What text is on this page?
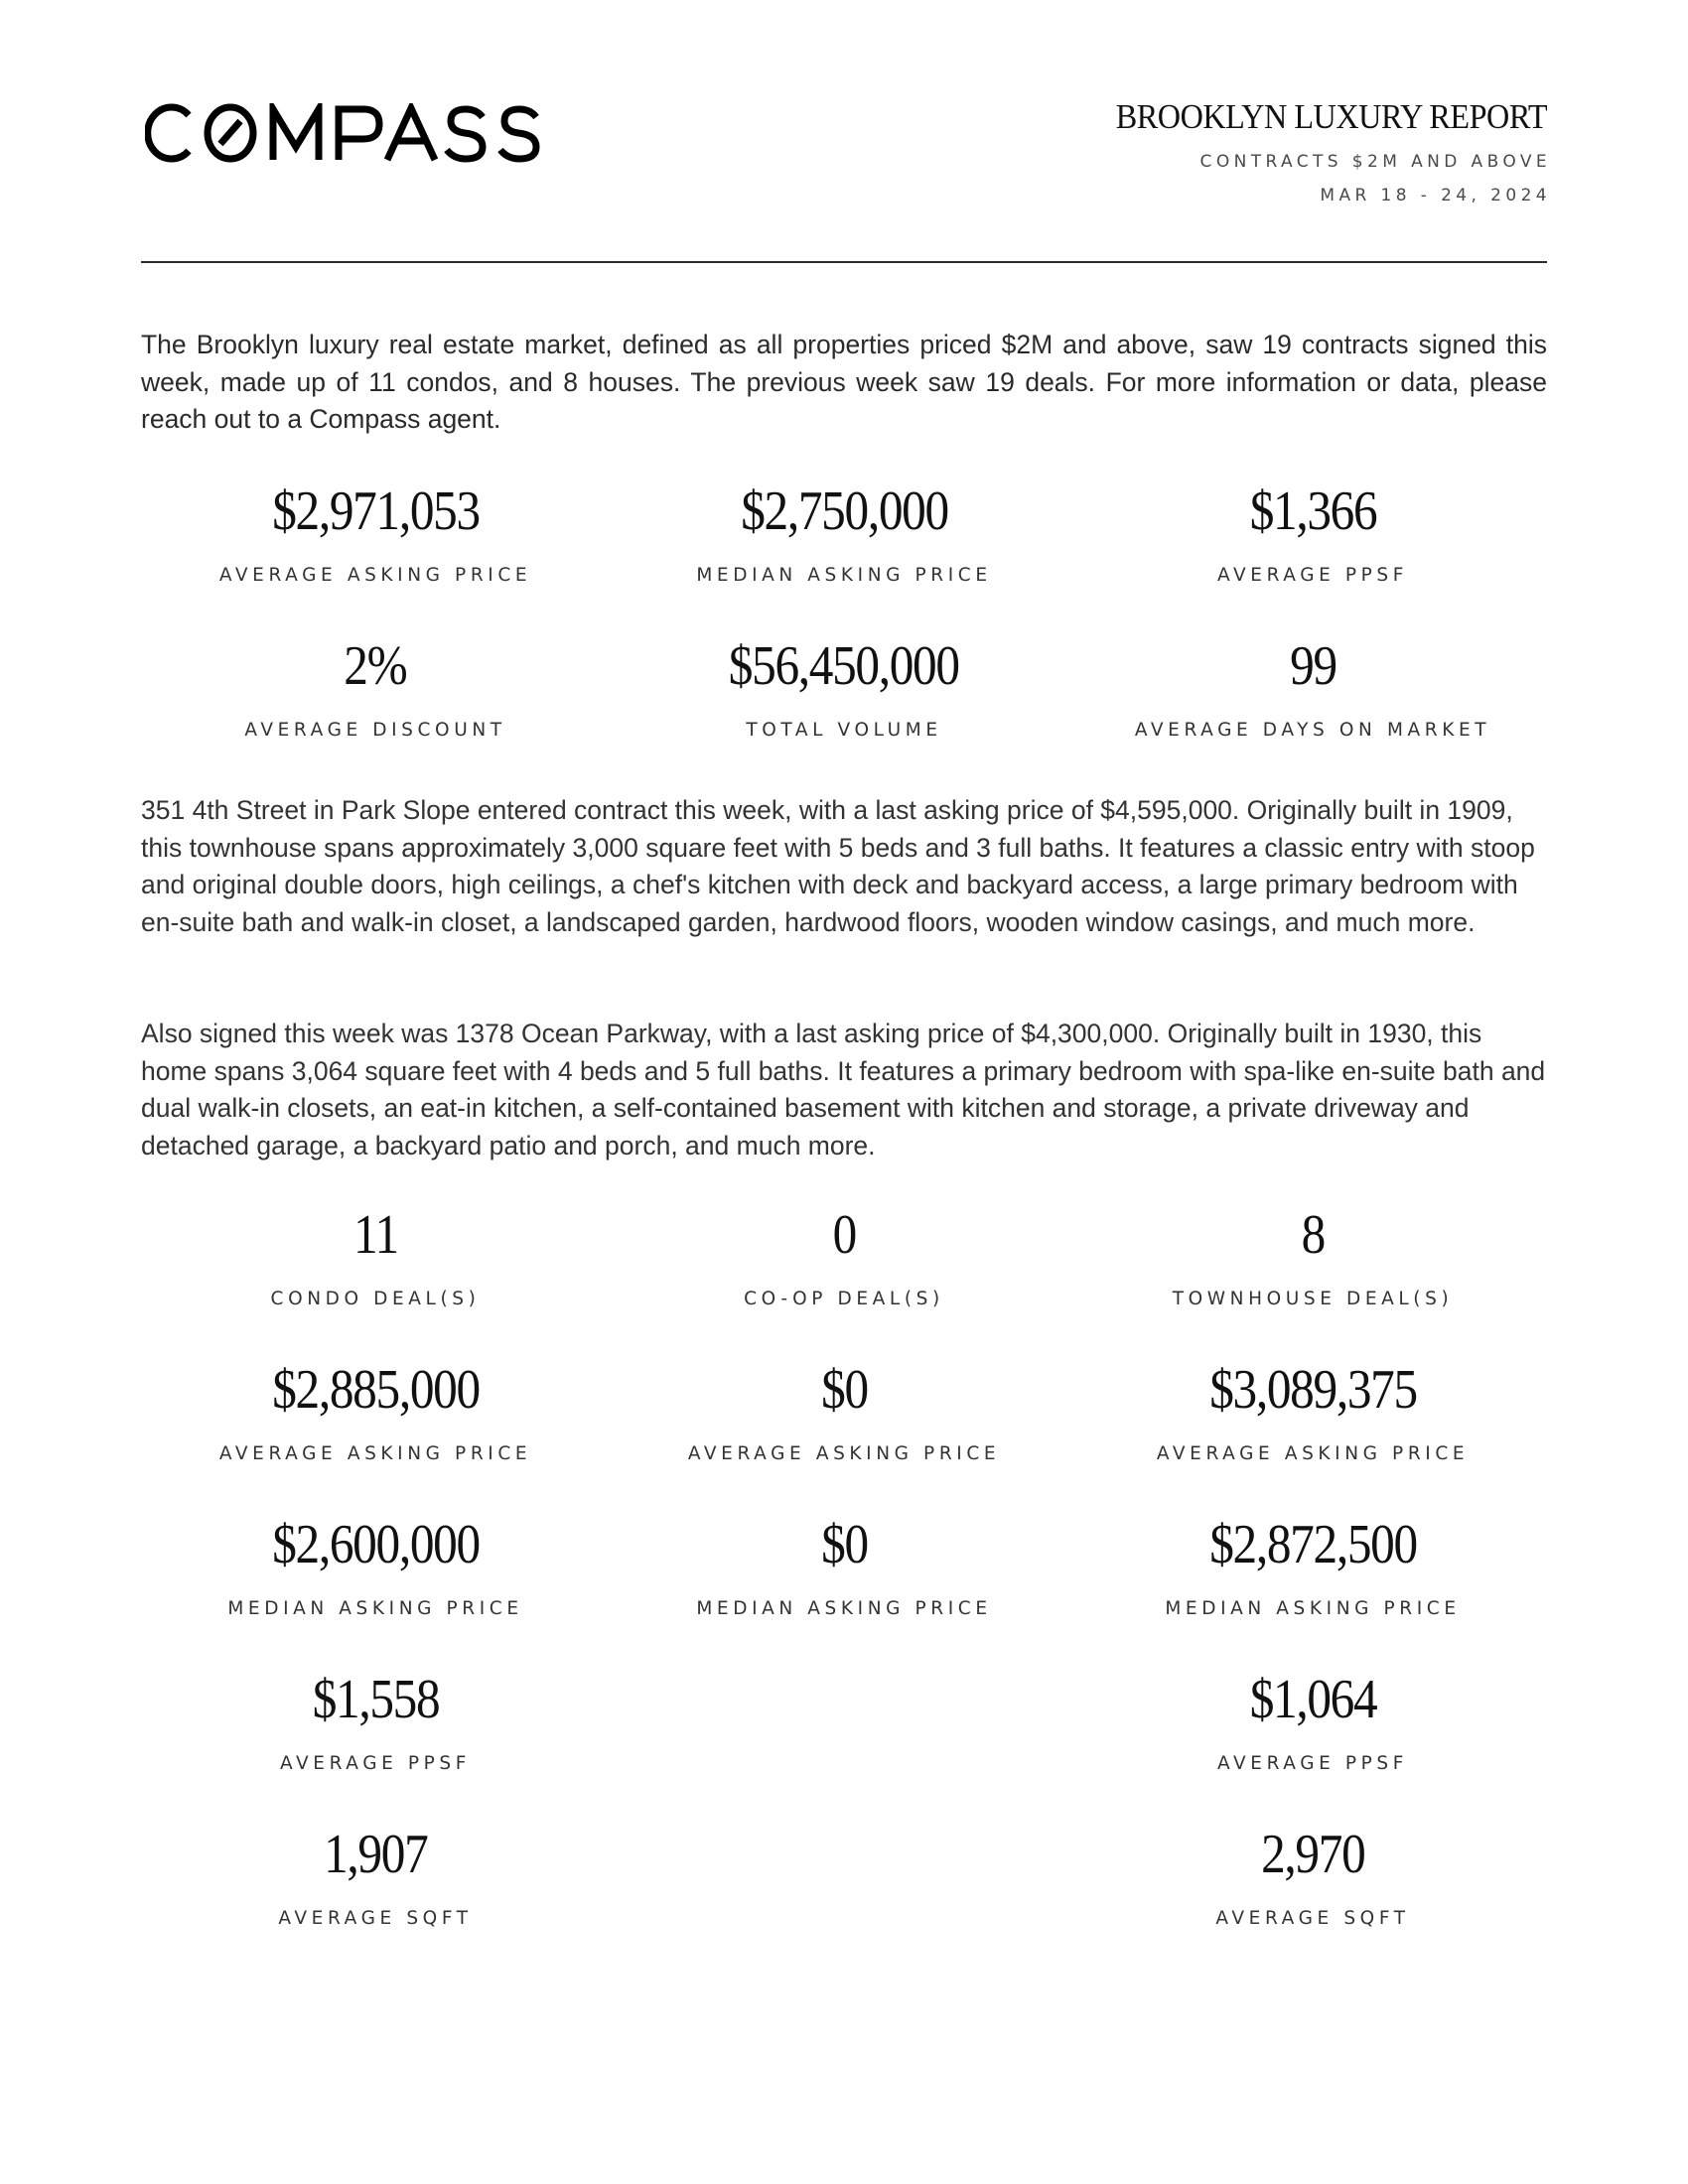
BROOKLYN LUXURY REPORT
CONTRACTS $2M AND ABOVE
MAR 18 - 24, 2024

The Brooklyn luxury real estate market, defined as all properties priced $2M and above, saw 19 contracts signed this week, made up of 11 condos, and 8 houses. The previous week saw 19 deals. For more information or data, please reach out to a Compass agent.

$2,971,053
AVERAGE ASKING PRICE
$2,750,000
MEDIAN ASKING PRICE
$1,366
AVERAGE PPSF
2%
AVERAGE DISCOUNT
$56,450,000
TOTAL VOLUME
99
AVERAGE DAYS ON MARKET

351 4th Street in Park Slope entered contract this week, with a last asking price of $4,595,000. Originally built in 1909, this townhouse spans approximately 3,000 square feet with 5 beds and 3 full baths. It features a classic entry with stoop and original double doors, high ceilings, a chef's kitchen with deck and backyard access, a large primary bedroom with en-suite bath and walk-in closet, a landscaped garden, hardwood floors, wooden window casings, and much more.

Also signed this week was 1378 Ocean Parkway, with a last asking price of $4,300,000. Originally built in 1930, this home spans 3,064 square feet with 4 beds and 5 full baths. It features a primary bedroom with spa-like en-suite bath and dual walk-in closets, an eat-in kitchen, a self-contained basement with kitchen and storage, a private driveway and detached garage, a backyard patio and porch, and much more.

11
CONDO DEAL(S)
$2,885,000
AVERAGE ASKING PRICE
$2,600,000
MEDIAN ASKING PRICE
$1,558
AVERAGE PPSF
1,907
AVERAGE SQFT
0
CO-OP DEAL(S)
$0
AVERAGE ASKING PRICE
$0
MEDIAN ASKING PRICE
8
TOWNHOUSE DEAL(S)
$3,089,375
AVERAGE ASKING PRICE
$2,872,500
MEDIAN ASKING PRICE
$1,064
AVERAGE PPSF
2,970
AVERAGE SQFT
